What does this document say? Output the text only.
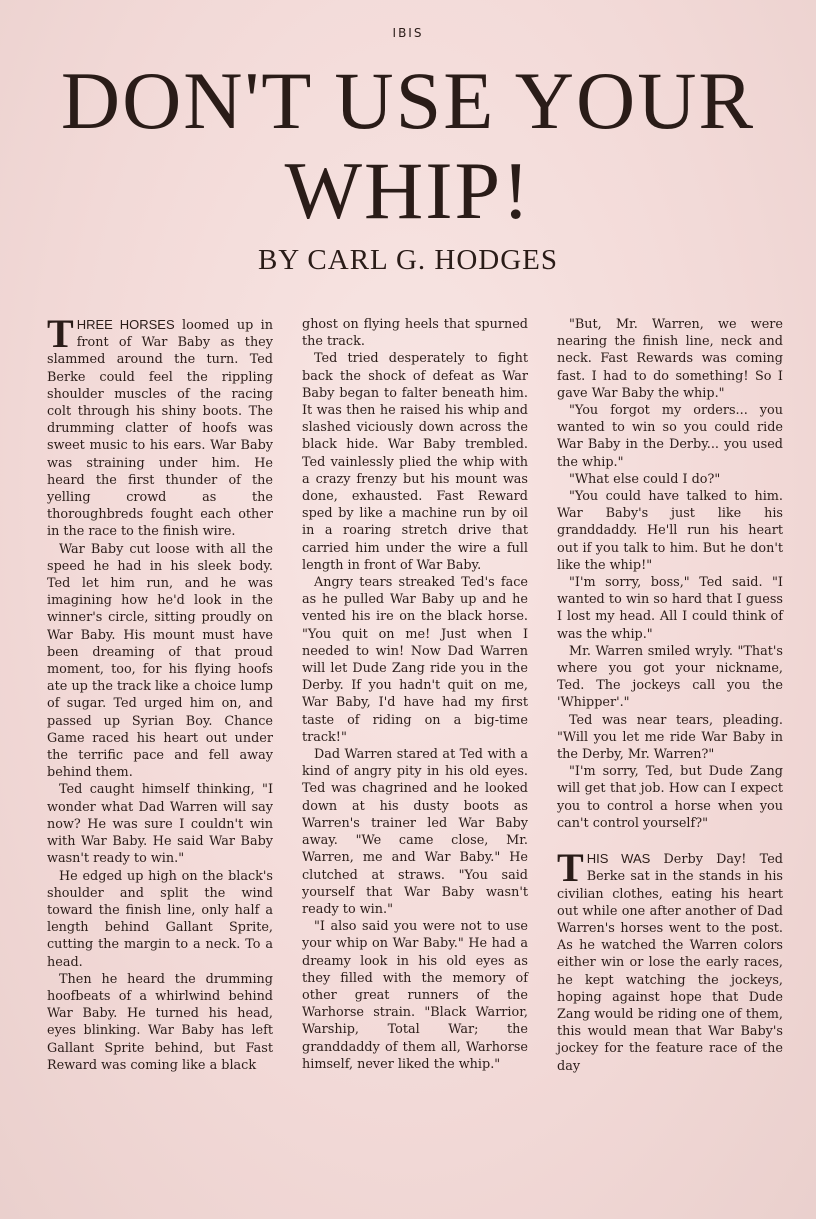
IBIS
DON'T USE YOUR
WHIP!
BY CARL G. HODGES

THREE HORSES loomed up in front of War Baby as they slammed around the turn. Ted Berke could feel the rippling shoulder muscles of the racing colt through his shiny boots. The drumming clatter of hoofs was sweet music to his ears. War Baby was straining under him. He heard the first thunder of the yelling crowd as the thoroughbreds fought each other in the race to the finish wire.

War Baby cut loose with all the speed he had in his sleek body. Ted let him run, and he was imagining how he'd look in the winner's circle, sitting proudly on War Baby. His mount must have been dreaming of that proud moment, too, for his flying hoofs ate up the track like a choice lump of sugar. Ted urged him on, and passed up Syrian Boy. Chance Game raced his heart out under the terrific pace and fell away behind them.

Ted caught himself thinking, "I wonder what Dad Warren will say now? He was sure I couldn't win with War Baby. He said War Baby wasn't ready to win."

He edged up high on the black's shoulder and split the wind toward the finish line, only half a length behind Gallant Sprite, cutting the margin to a neck. To a head.

Then he heard the drumming hoofbeats of a whirlwind behind War Baby. He turned his head, eyes blinking. War Baby has left Gallant Sprite behind, but Fast Reward was coming like a black

ghost on flying heels that spurned the track.

Ted tried desperately to fight back the shock of defeat as War Baby began to falter beneath him. It was then he raised his whip and slashed viciously down across the black hide. War Baby trembled. Ted vainlessly plied the whip with a crazy frenzy but his mount was done, exhausted. Fast Reward sped by like a machine run by oil in a roaring stretch drive that carried him under the wire a full length in front of War Baby.

Angry tears streaked Ted's face as he pulled War Baby up and he vented his ire on the black horse. "You quit on me! Just when I needed to win! Now Dad Warren will let Dude Zang ride you in the Derby. If you hadn't quit on me, War Baby, I'd have had my first taste of riding on a big-time track!"

Dad Warren stared at Ted with a kind of angry pity in his old eyes. Ted was chagrined and he looked down at his dusty boots as Warren's trainer led War Baby away. "We came close, Mr. Warren, me and War Baby." He clutched at straws. "You said yourself that War Baby wasn't ready to win."

"I also said you were not to use your whip on War Baby." He had a dreamy look in his old eyes as they filled with the memory of other great runners of the Warhorse strain. "Black Warrior, Warship, Total War; the granddaddy of them all, Warhorse himself, never liked the whip."

"But, Mr. Warren, we were nearing the finish line, neck and neck. Fast Rewards was coming fast. I had to do something! So I gave War Baby the whip."

"You forgot my orders... you wanted to win so you could ride War Baby in the Derby... you used the whip."

"What else could I do?"

"You could have talked to him. War Baby's just like his granddaddy. He'll run his heart out if you talk to him. But he don't like the whip!"

"I'm sorry, boss," Ted said. "I wanted to win so hard that I guess I lost my head. All I could think of was the whip."

Mr. Warren smiled wryly. "That's where you got your nickname, Ted. The jockeys call you the 'Whipper'."

Ted was near tears, pleading. "Will you let me ride War Baby in the Derby, Mr. Warren?"

"I'm sorry, Ted, but Dude Zang will get that job. How can I expect you to control a horse when you can't control yourself?"

THIS WAS Derby Day! Ted Berke sat in the stands in his civilian clothes, eating his heart out while one after another of Dad Warren's horses went to the post. As he watched the Warren colors either win or lose the early races, he kept watching the jockeys, hoping against hope that Dude Zang would be riding one of them, this would mean that War Baby's jockey for the feature race of the day
